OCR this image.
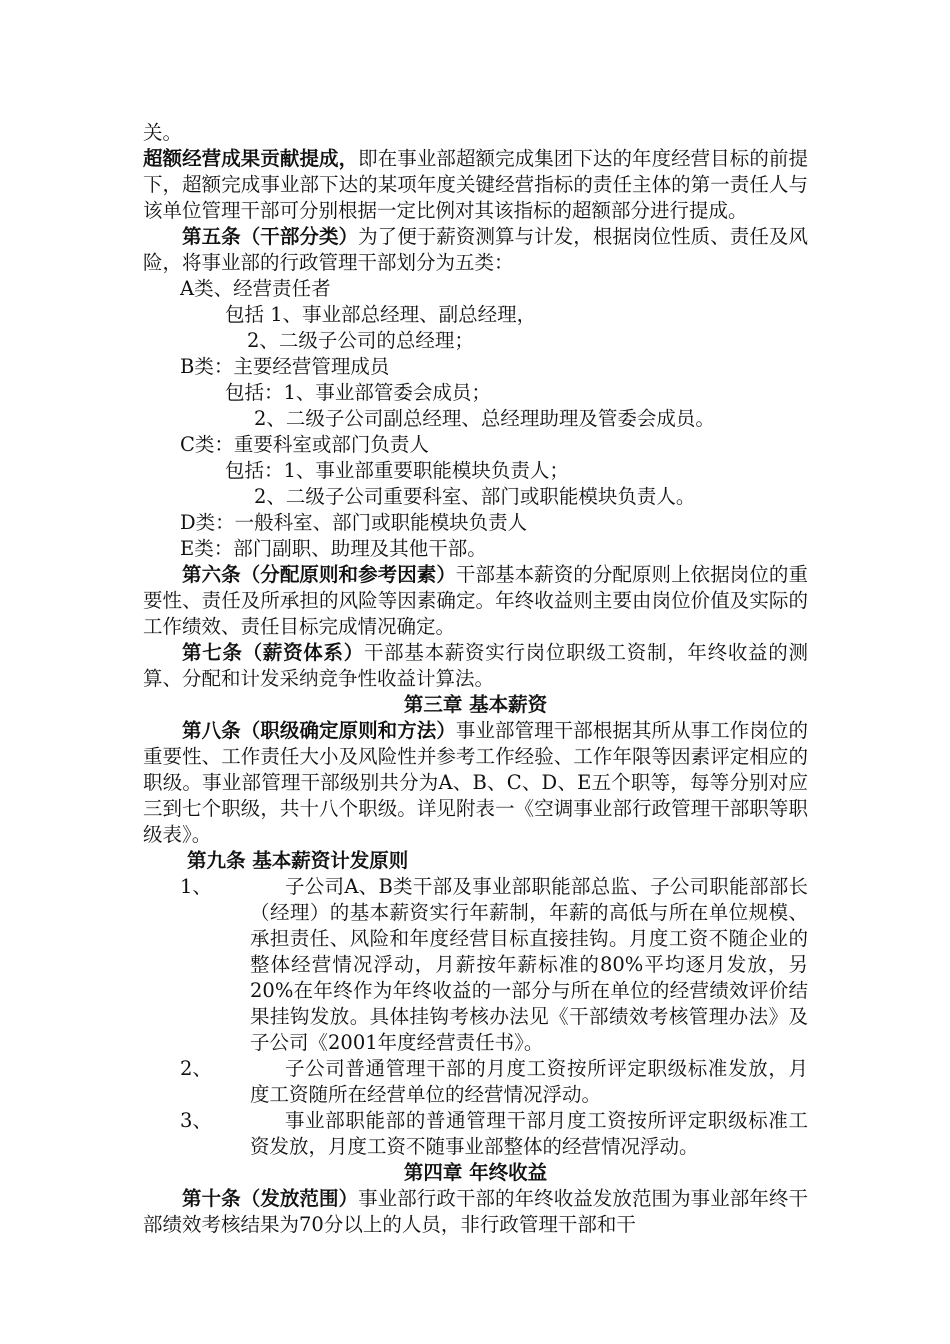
关。

超额经营成果贡献提成，即在事业部超额完成集团下达的年度经营目标的前提下，超额完成事业部下达的某项年度关键经营指标的责任主体的第一责任人与该单位管理干部可分别根据一定比例对其该指标的超额部分进行提成。

第五条（干部分类）为了便于薪资测算与计发，根据岗位性质、责任及风险，将事业部的行政管理干部划分为五类：

A类、经营责任者

包括 1、事业部总经理、副总经理，

2、二级子公司的总经理；

B类：主要经营管理成员

包括：1、事业部管委会成员；

2、二级子公司副总经理、总经理助理及管委会成员。

C类：重要科室或部门负责人

包括：1、事业部重要职能模块负责人；

2、二级子公司重要科室、部门或职能模块负责人。

D类：一般科室、部门或职能模块负责人

E类：部门副职、助理及其他干部。

第六条（分配原则和参考因素）干部基本薪资的分配原则上依据岗位的重要性、责任及所承担的风险等因素确定。年终收益则主要由岗位价值及实际的工作绩效、责任目标完成情况确定。

第七条（薪资体系）干部基本薪资实行岗位职级工资制，年终收益的测算、分配和计发采纳竞争性收益计算法。

第三章 基本薪资

第八条（职级确定原则和方法）事业部管理干部根据其所从事工作岗位的重要性、工作责任大小及风险性并参考工作经验、工作年限等因素评定相应的职级。事业部管理干部级别共分为A、B、C、D、E五个职等，每等分别对应三到七个职级，共十八个职级。详见附表一《空调事业部行政管理干部职等职级表》。

第九条 基本薪资计发原则

1、	子公司A、B类干部及事业部职能部总监、子公司职能部部长（经理）的基本薪资实行年薪制，年薪的高低与所在单位规模、承担责任、风险和年度经营目标直接挂钩。月度工资不随企业的整体经营情况浮动，月薪按年薪标准的80%平均逐月发放，另20%在年终作为年终收益的一部分与所在单位的经营绩效评价结果挂钩发放。具体挂钩考核办法见《干部绩效考核管理办法》及子公司《2001年度经营责任书》。
2、	子公司普通管理干部的月度工资按所评定职级标准发放，月度工资随所在经营单位的经营情况浮动。
3、	事业部职能部的普通管理干部月度工资按所评定职级标准工资发放，月度工资不随事业部整体的经营情况浮动。

第四章 年终收益

第十条（发放范围）事业部行政干部的年终收益发放范围为事业部年终干部绩效考核结果为70分以上的人员，非行政管理干部和干
